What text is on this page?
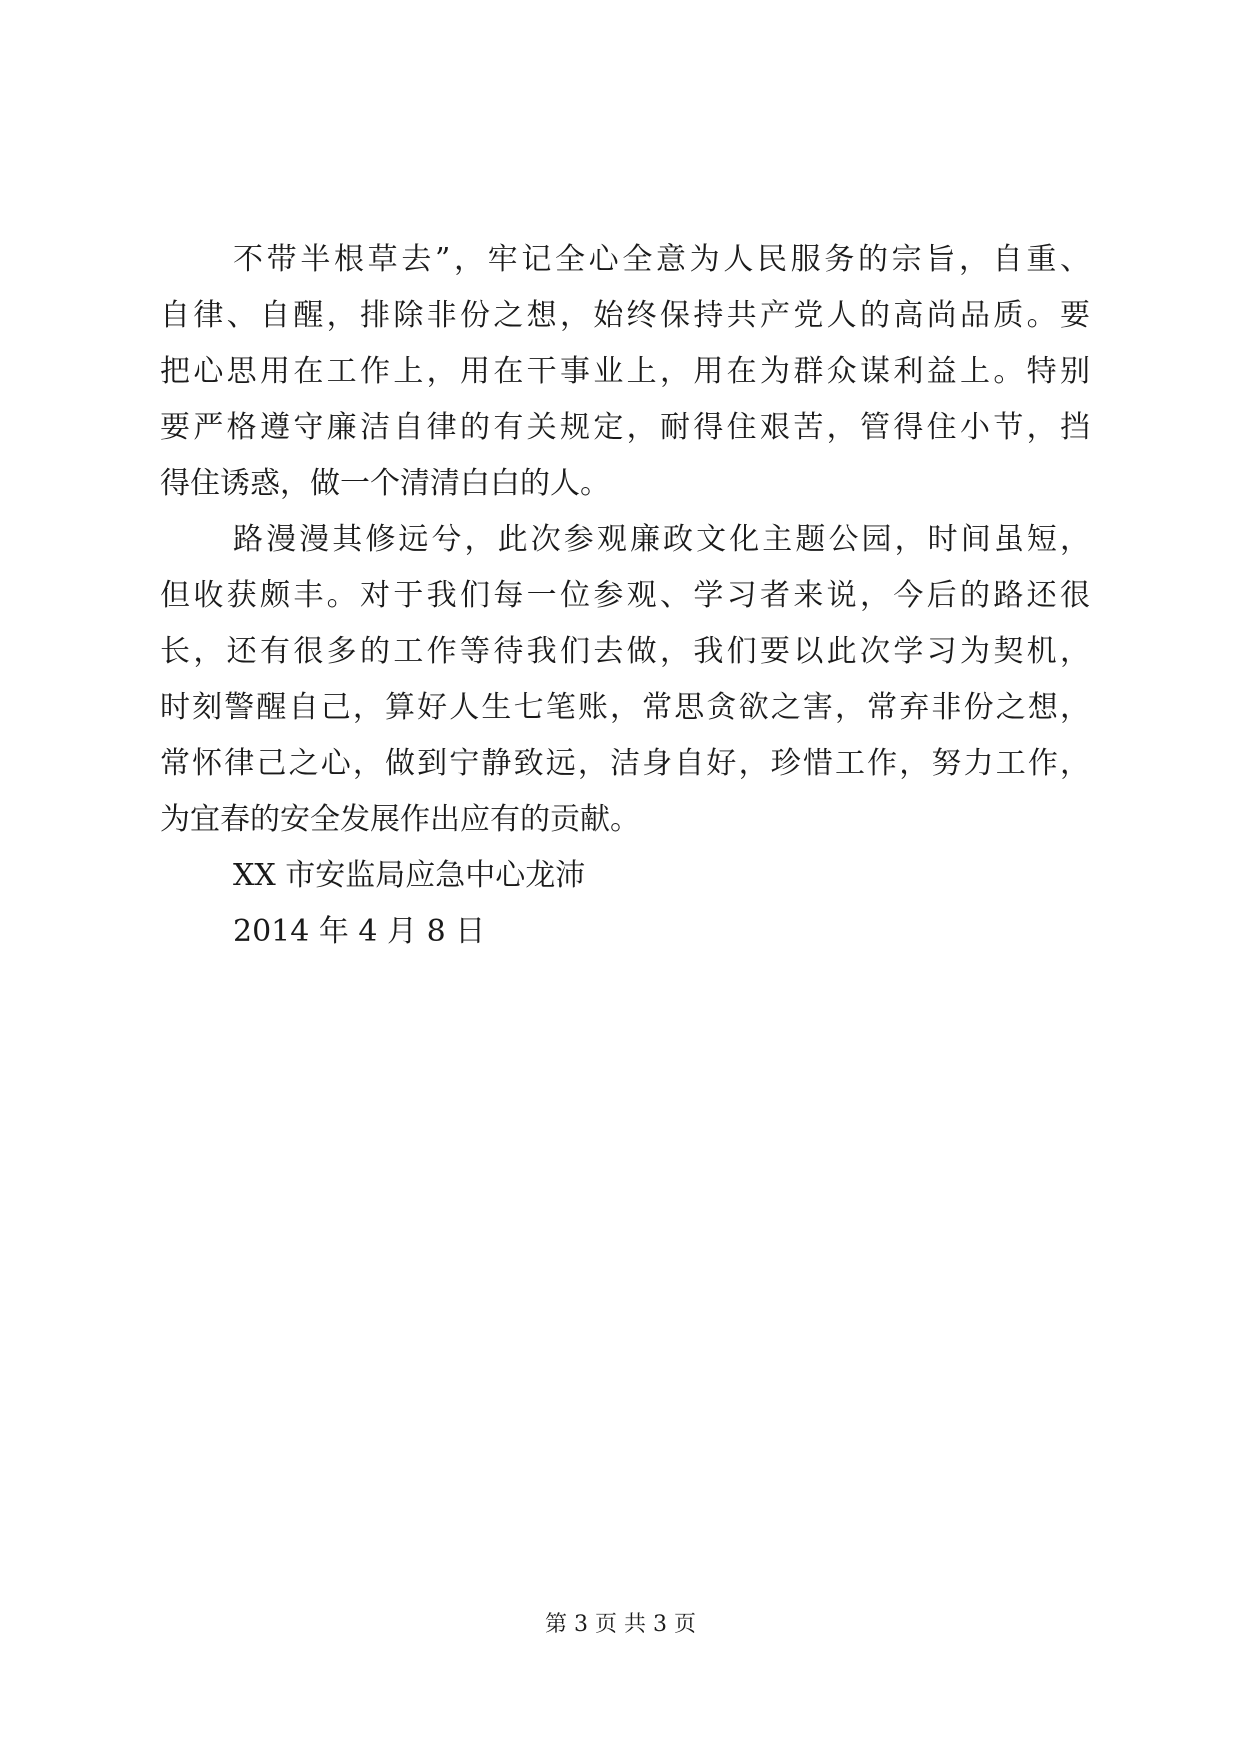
不带半根草去”，牢记全心全意为人民服务的宗旨，自重、
自律、自醒，排除非份之想，始终保持共产党人的高尚品质。要
把心思用在工作上，用在干事业上，用在为群众谋利益上。特别
要严格遵守廉洁自律的有关规定，耐得住艰苦，管得住小节，挡
得住诱惑，做一个清清白白的人。
路漫漫其修远兮，此次参观廉政文化主题公园，时间虽短，
但收获颇丰。对于我们每一位参观、学习者来说，今后的路还很
长，还有很多的工作等待我们去做，我们要以此次学习为契机，
时刻警醒自己，算好人生七笔账，常思贪欲之害，常弃非份之想，
常怀律己之心，做到宁静致远，洁身自好，珍惜工作，努力工作，
为宜春的安全发展作出应有的贡献。
XX 市安监局应急中心龙沛
2014 年 4 月 8 日
第 3 页 共 3 页
